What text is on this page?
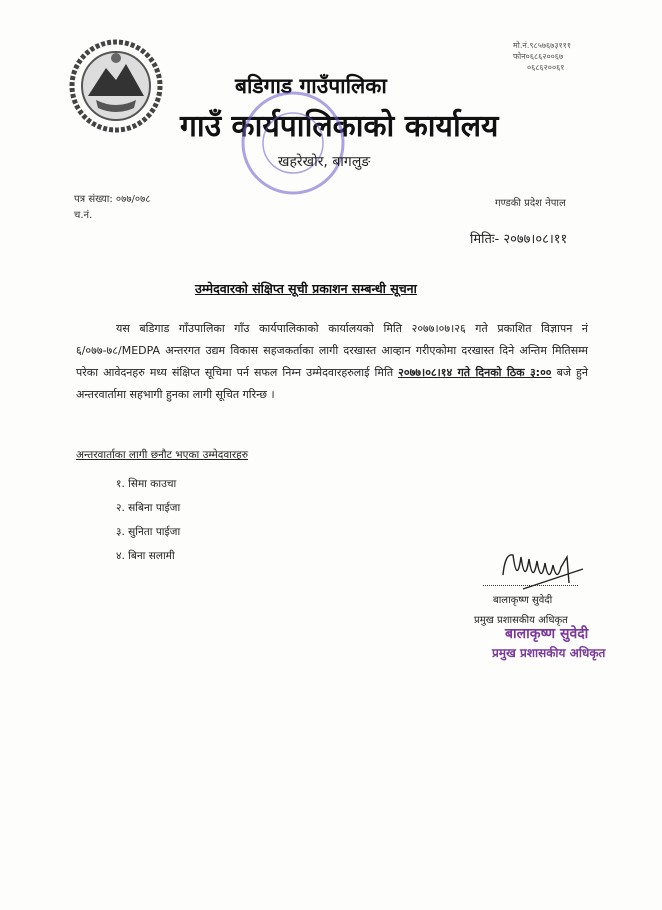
मो.नं.९८५७६७३१११
फोन०६८६२००६७
०६८६२००६१
बडिगाड गाउँपालिका
गाउँ कार्यपालिकाको कार्यालय
खहरेखोर, बागलुङ
पत्र संख्या: ०७७/०७८
च.नं.
गण्डकी प्रदेश नेपाल
मितिः- २०७७।०८।११
उम्मेदवारको संक्षिप्त सूची प्रकाशन सम्बन्धी सूचना
यस बडिगाड गाँउपालिका गाँउ कार्यपालिकाको कार्यालयको मिति २०७७।०७।२६ गते प्रकाशित विज्ञापन नं ६/०७७-७८/MEDPA अन्तरगत उद्यम विकास सहजकर्ताका लागी दरखास्त आव्हान गरीएकोमा दरखास्त दिने अन्तिम मितिसम्म परेका आवेदनहरु मध्य संक्षिप्त सूचिमा पर्न सफल निम्न उम्मेदवारहरुलाई मिति २०७७।०८।१४ गते दिनको ठिक ३:०० बजे हुने अन्तरवार्तामा सहभागी हुनका लागी सूचित गरिन्छ ।
अन्तरवार्ताका लागी छनौट भएका उम्मेदवारहरु
१. सिमा काउचा
२. सबिना पाईजा
३. सुनिता पाईजा
४. बिना सलामी
बालाकृष्ण सुवेदी
प्रमुख प्रशासकीय अधिकृत
बालाकृष्ण सुवेदी
प्रमुख प्रशासकीय अधिकृत
